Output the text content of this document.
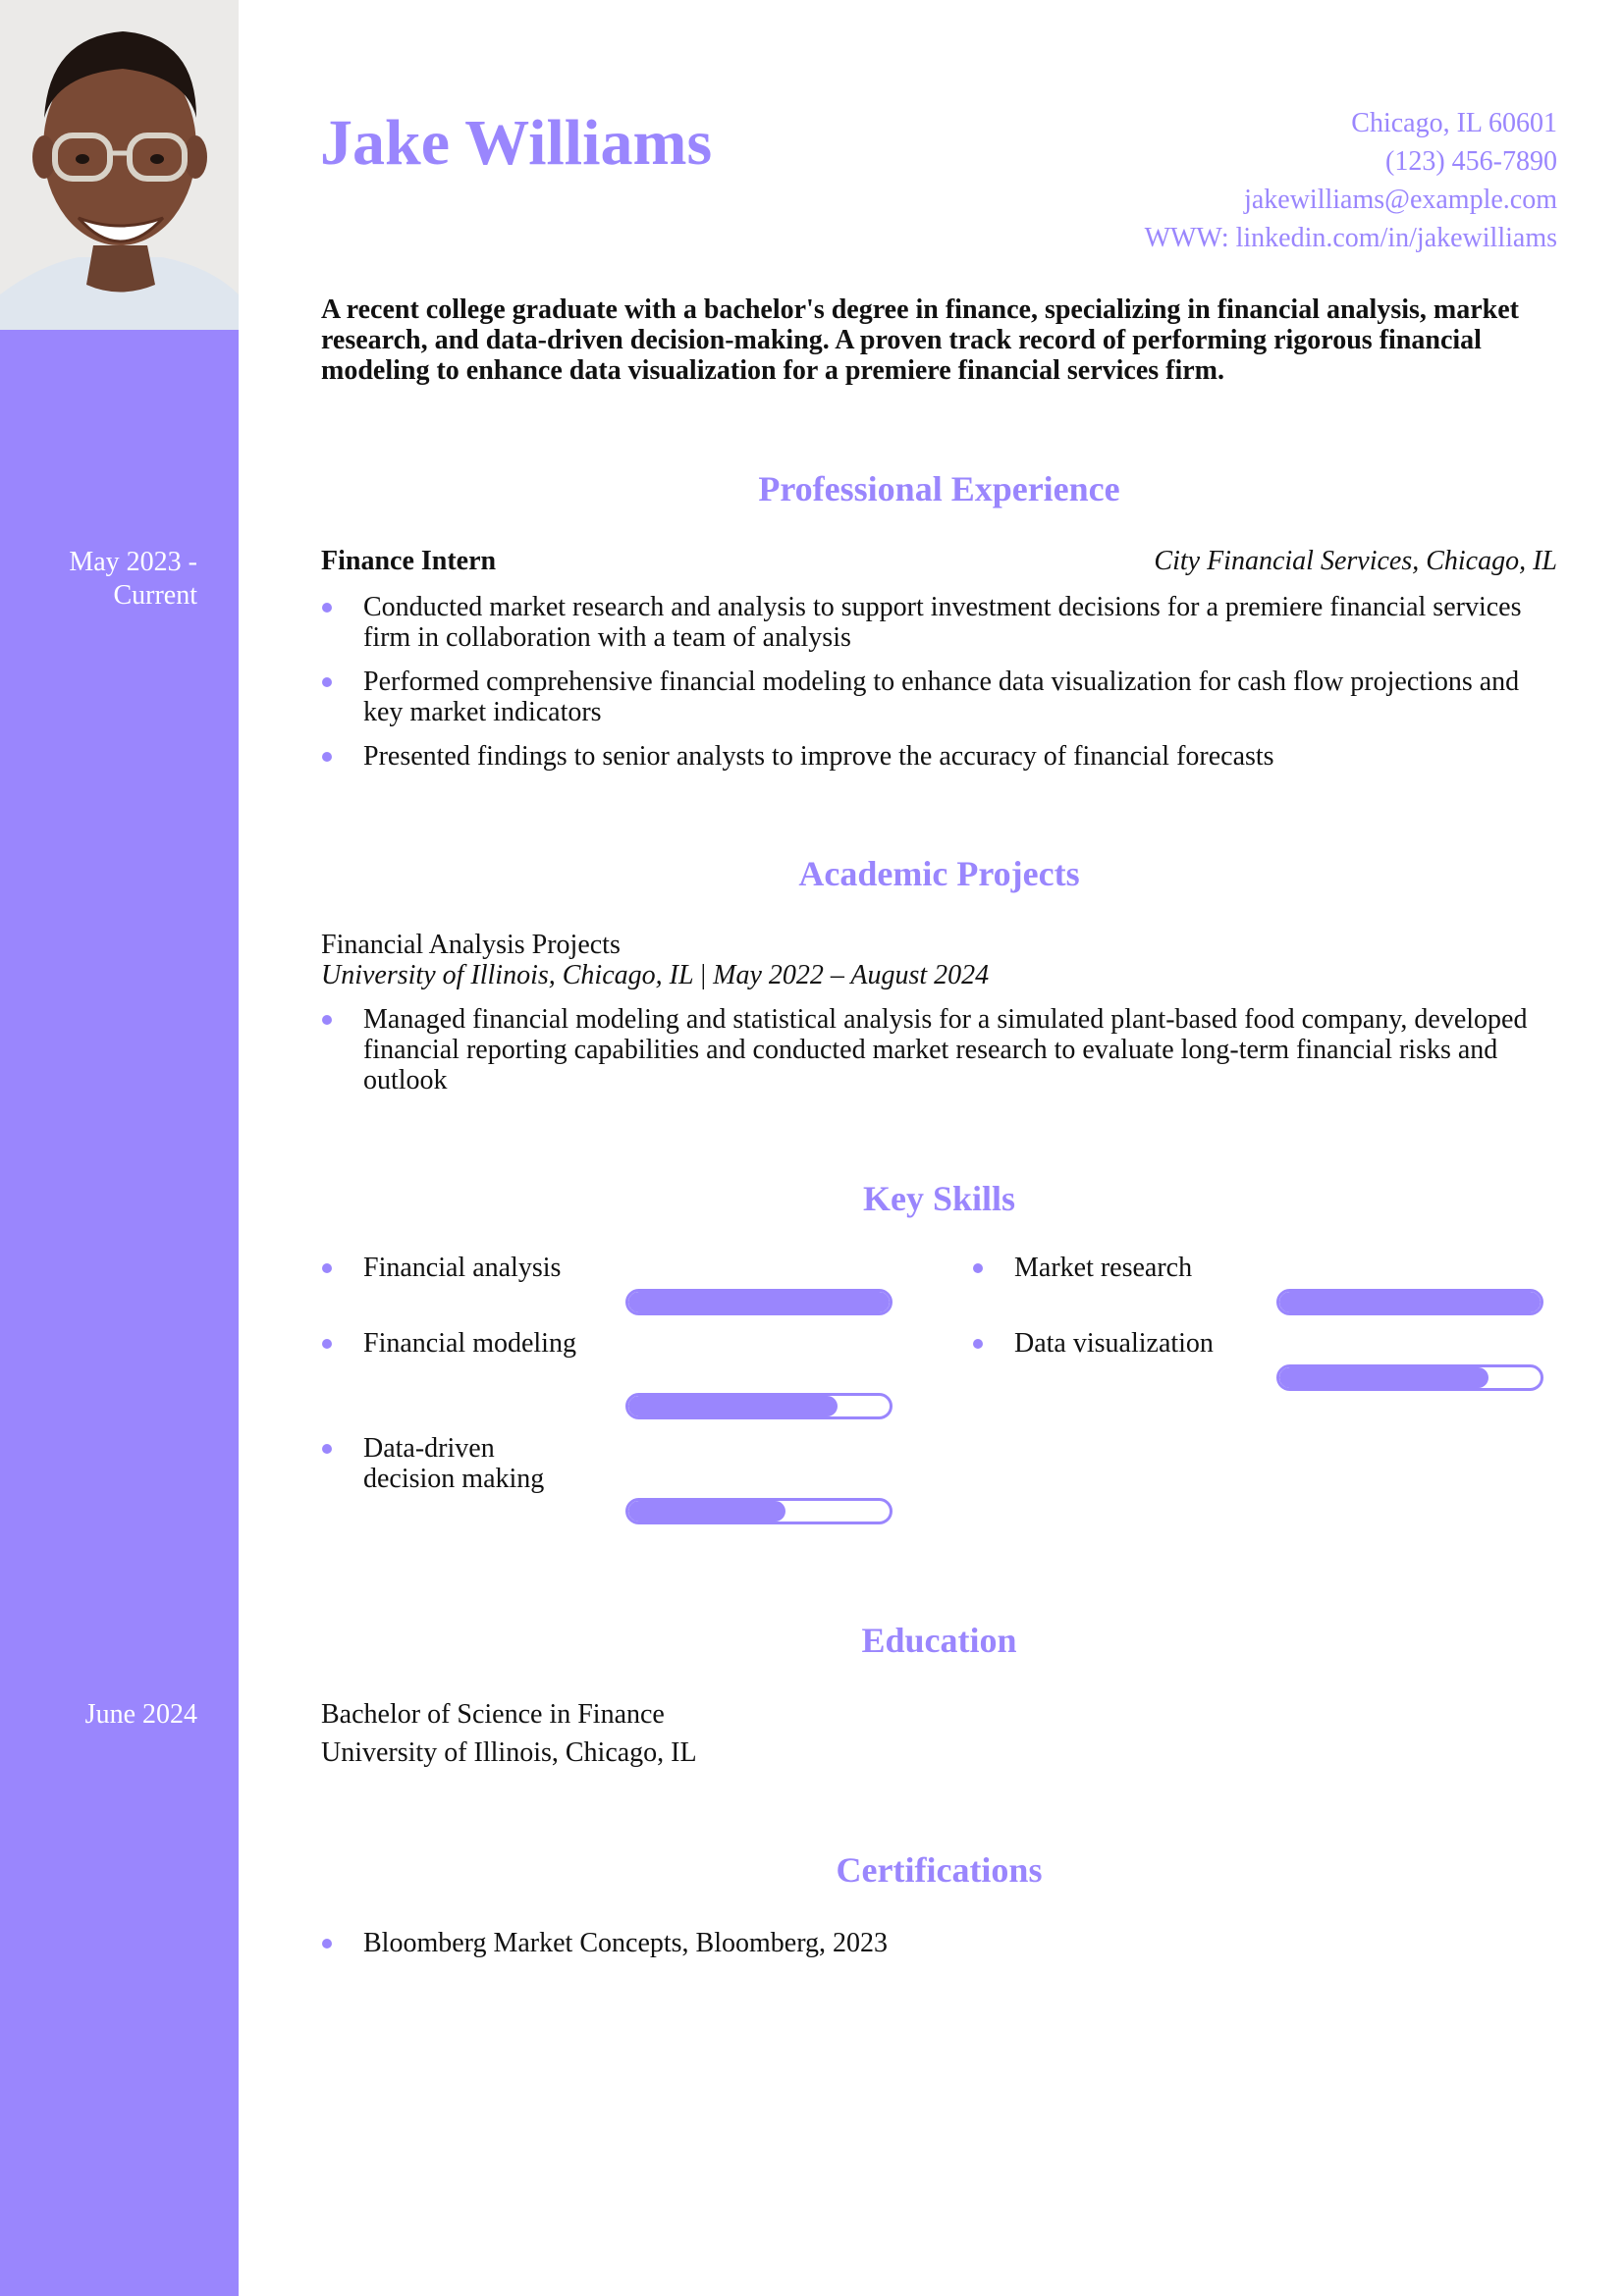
Jake Williams	Chicago, IL 60601
(123) 456-7890
jakewilliams@example.com
WWW: linkedin.com/in/jakewilliams

A recent college graduate with a bachelor's degree in finance, specializing in financial analysis, market research, and data-driven decision-making. A proven track record of performing rigorous financial modeling to enhance data visualization for a premiere financial services firm.

Professional Experience
May 2023 -
Current
Finance Intern	City Financial Services, Chicago, IL
Conducted market research and analysis to support investment decisions for a premiere financial services firm in collaboration with a team of analysis
Performed comprehensive financial modeling to enhance data visualization for cash flow projections and key market indicators
Presented findings to senior analysts to improve the accuracy of financial forecasts
Academic Projects
Financial Analysis Projects
University of Illinois, Chicago, IL | May 2022 – August 2024
Managed financial modeling and statistical analysis for a simulated plant-based food company, developed financial reporting capabilities and conducted market research to evaluate long-term financial risks and outlook
Key Skills
Financial analysis
Financial modeling
Data-driven decision making
Market research
Data visualization
Education
June 2024	Bachelor of Science in Finance
University of Illinois, Chicago, IL
Certifications
Bloomberg Market Concepts, Bloomberg, 2023
